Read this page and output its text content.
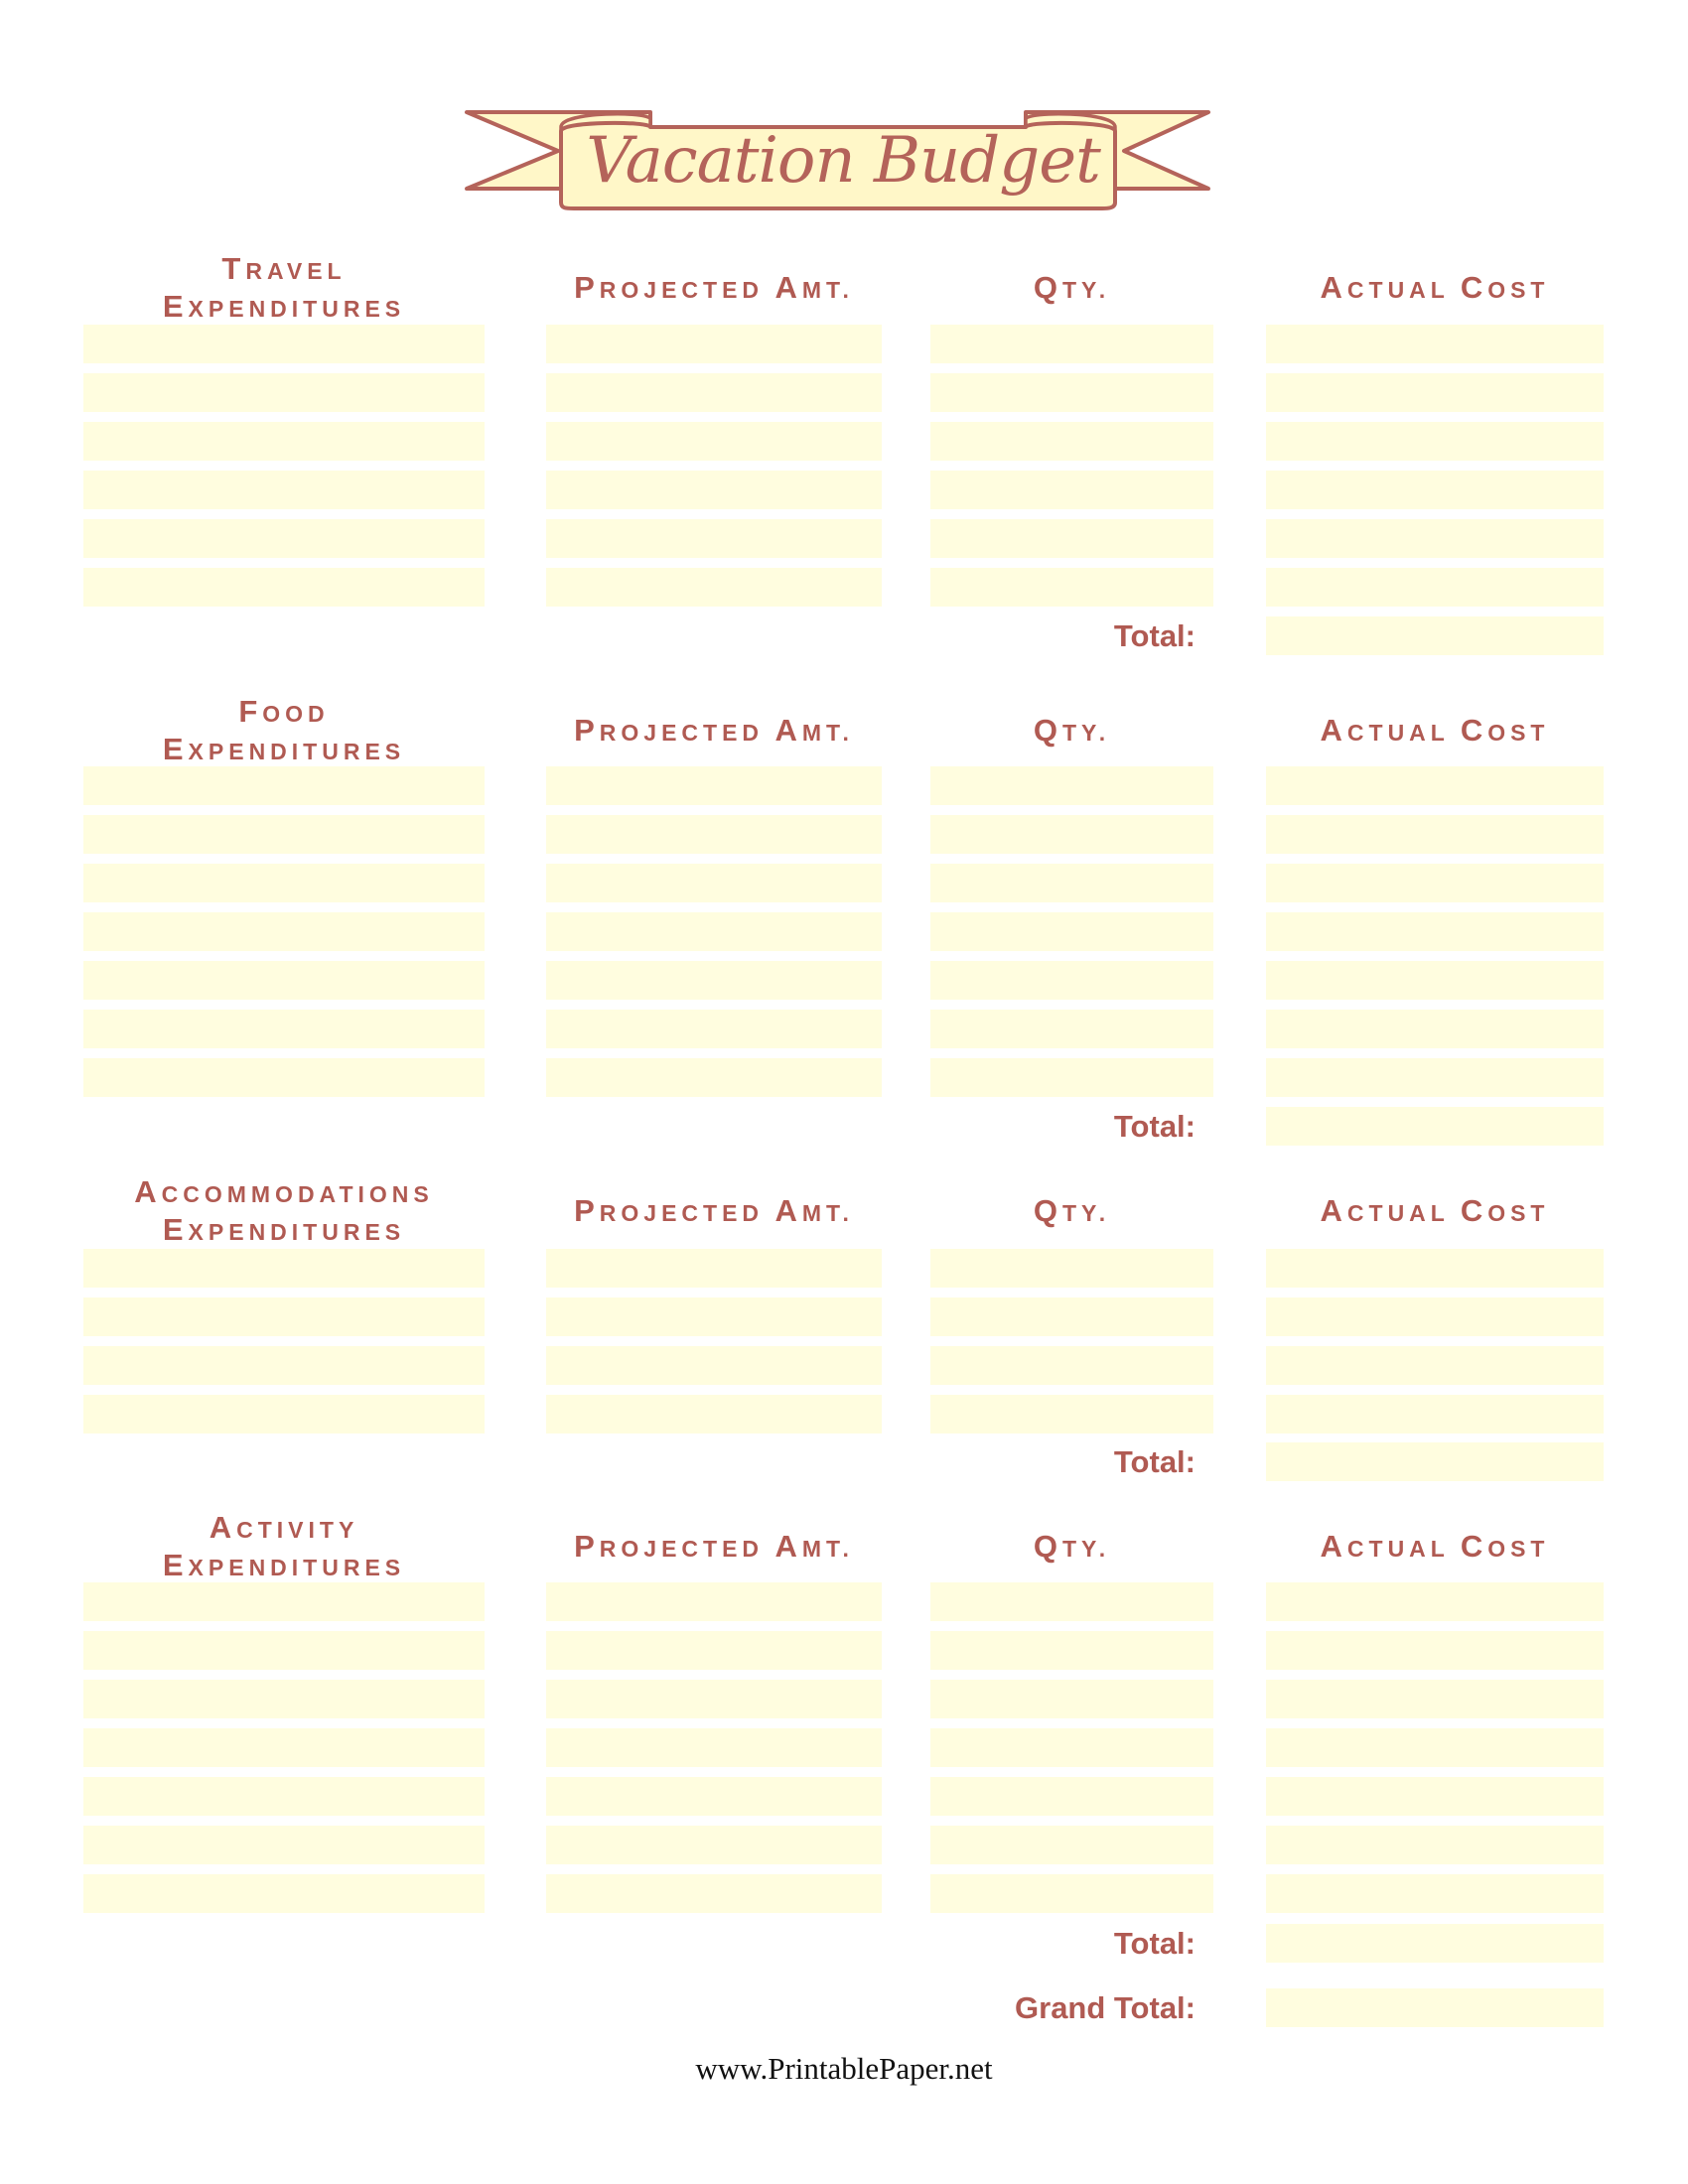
Vacation Budget
TRAVEL
EXPENDITURES
PROJECTED AMT.	QTY.	ACTUAL COST
Total:
FOOD
EXPENDITURES
PROJECTED AMT.	QTY.	ACTUAL COST
Total:
ACCOMMODATIONS
EXPENDITURES
PROJECTED AMT.	QTY.	ACTUAL COST
Total:
ACTIVITY
EXPENDITURES
PROJECTED AMT.	QTY.	ACTUAL COST
Total:
Grand Total:
www.PrintablePaper.net
